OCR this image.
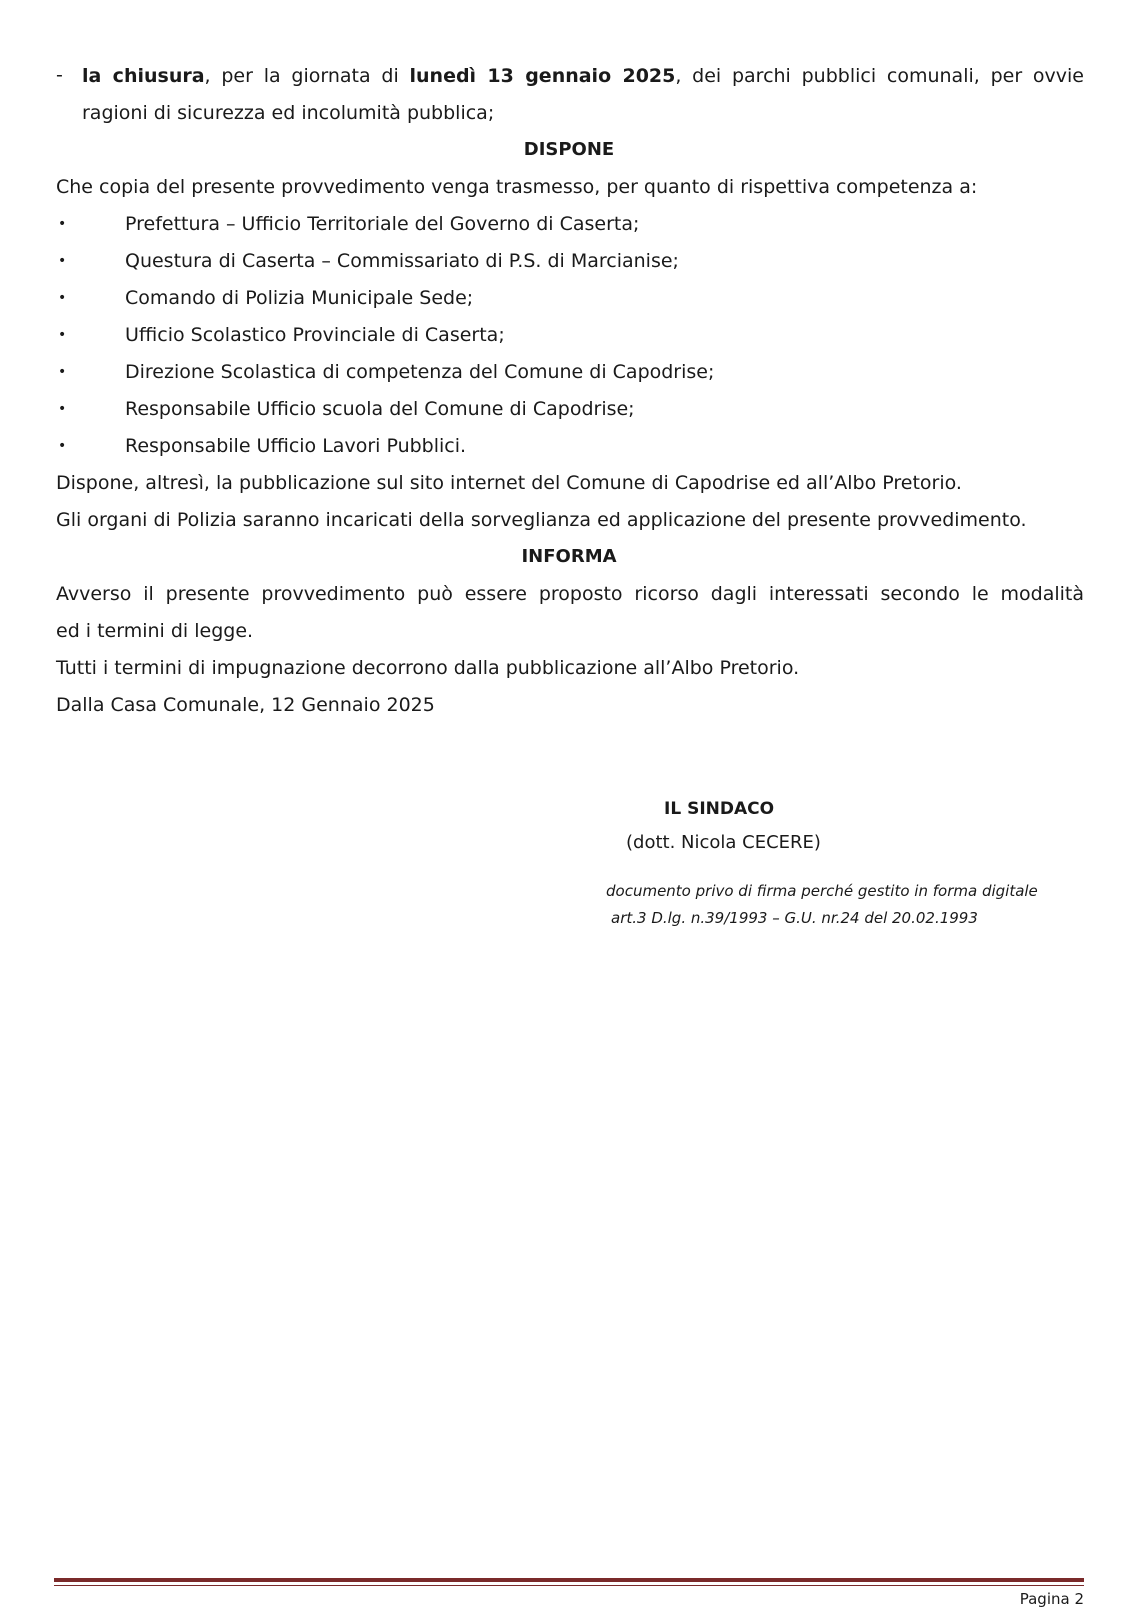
- la chiusura, per la giornata di lunedì 13 gennaio 2025, dei parchi pubblici comunali, per ovvie
ragioni di sicurezza ed incolumità pubblica;
DISPONE
Che copia del presente provvedimento venga trasmesso, per quanto di rispettiva competenza a:
•	Prefettura – Ufficio Territoriale del Governo di Caserta;
•	Questura di Caserta – Commissariato di P.S. di Marcianise;
•	Comando di Polizia Municipale Sede;
•	Ufficio Scolastico Provinciale di Caserta;
•	Direzione Scolastica di competenza del Comune di Capodrise;
•	Responsabile Ufficio scuola del Comune di Capodrise;
•	Responsabile Ufficio Lavori Pubblici.
Dispone, altresì, la pubblicazione sul sito internet del Comune di Capodrise ed all’Albo Pretorio.
Gli organi di Polizia saranno incaricati della sorveglianza ed applicazione del presente provvedimento.
INFORMA
Avverso il presente provvedimento può essere proposto ricorso dagli interessati secondo le modalità
ed i termini di legge.
Tutti i termini di impugnazione decorrono dalla pubblicazione all’Albo Pretorio.
Dalla Casa Comunale, 12 Gennaio 2025
IL SINDACO
(dott. Nicola CECERE)
documento privo di firma perché gestito in forma digitale
art.3 D.lg. n.39/1993 – G.U. nr.24 del 20.02.1993
Pagina 2
